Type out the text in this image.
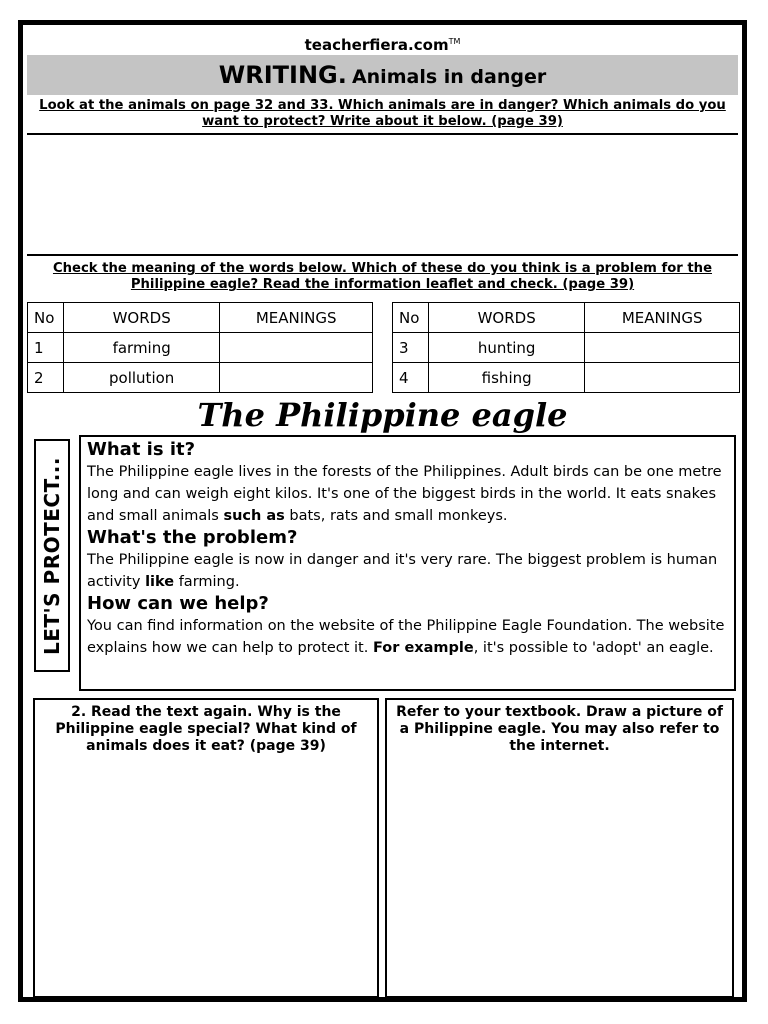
teacherfiera.com™
WRITING. Animals in danger
Look at the animals on page 32 and 33. Which animals are in danger? Which animals do you want to protect? Write about it below. (page 39)
Check the meaning of the words below. Which of these do you think is a problem for the Philippine eagle? Read the information leaflet and check. (page 39)
No	WORDS	MEANINGS
1	farming	
2	pollution	
No	WORDS	MEANINGS
3	hunting	
4	fishing	
The Philippine eagle
LET'S PROTECT...
What is it?

The Philippine eagle lives in the forests of the Philippines. Adult birds can be one metre long and can weigh eight kilos. It's one of the biggest birds in the world. It eats snakes and small animals such as bats, rats and small monkeys.

What's the problem?

The Philippine eagle is now in danger and it's very rare. The biggest problem is human activity like farming.

How can we help?

You can find information on the website of the Philippine Eagle Foundation. The website explains how we can help to protect it. For example, it's possible to 'adopt' an eagle.

2. Read the text again. Why is the Philippine eagle special? What kind of animals does it eat? (page 39)
Refer to your textbook. Draw a picture of a Philippine eagle. You may also refer to the internet.
